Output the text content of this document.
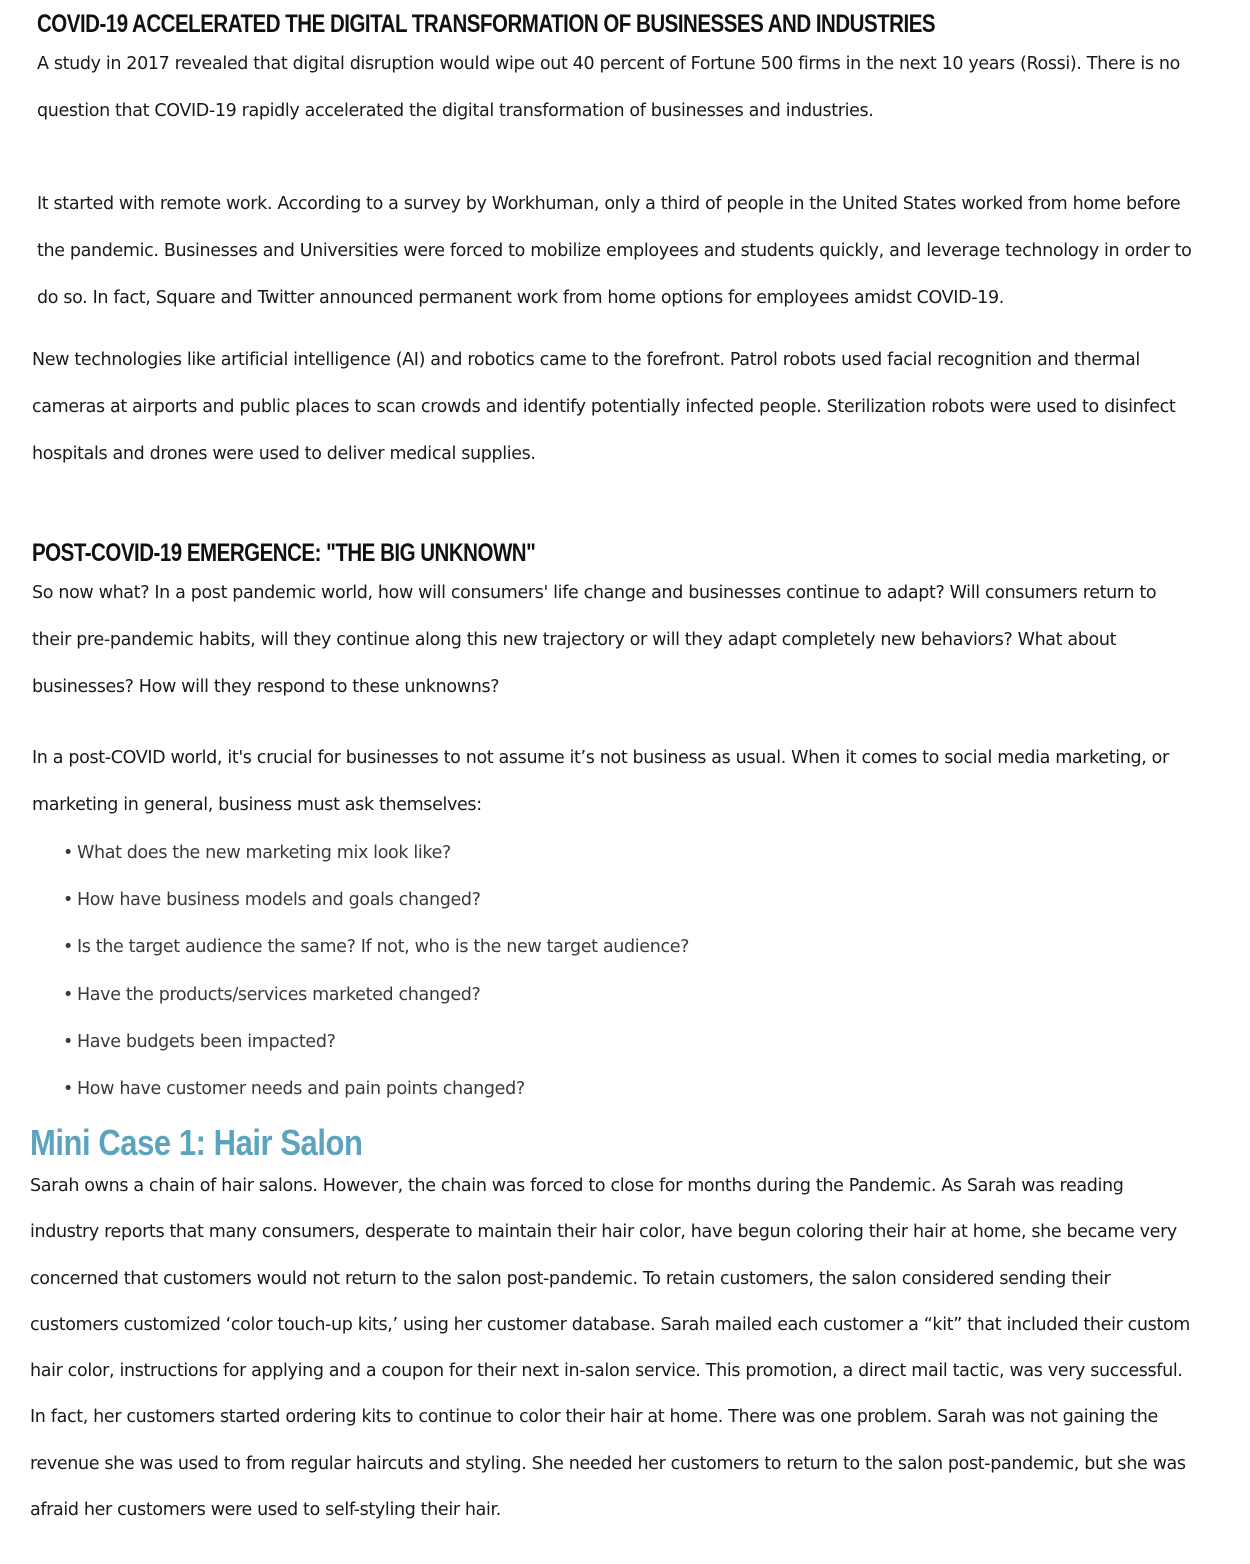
COVID-19 ACCELERATED THE DIGITAL TRANSFORMATION OF BUSINESSES AND INDUSTRIES

A study in 2017 revealed that digital disruption would wipe out 40 percent of Fortune 500 firms in the next 10 years (Rossi). There is no
question that COVID-19 rapidly accelerated the digital transformation of businesses and industries.

It started with remote work. According to a survey by Workhuman, only a third of people in the United States worked from home before
the pandemic. Businesses and Universities were forced to mobilize employees and students quickly, and leverage technology in order to
do so. In fact, Square and Twitter announced permanent work from home options for employees amidst COVID-19.

New technologies like artificial intelligence (AI) and robotics came to the forefront. Patrol robots used facial recognition and thermal
cameras at airports and public places to scan crowds and identify potentially infected people. Sterilization robots were used to disinfect
hospitals and drones were used to deliver medical supplies.

POST-COVID-19 EMERGENCE: "THE BIG UNKNOWN"

So now what? In a post pandemic world, how will consumers' life change and businesses continue to adapt? Will consumers return to
their pre-pandemic habits, will they continue along this new trajectory or will they adapt completely new behaviors? What about
businesses? How will they respond to these unknowns?

In a post-COVID world, it's crucial for businesses to not assume it’s not business as usual. When it comes to social media marketing, or
marketing in general, business must ask themselves:

• What does the new marketing mix look like?
• How have business models and goals changed?
• Is the target audience the same? If not, who is the new target audience?
• Have the products/services marketed changed?
• Have budgets been impacted?
• How have customer needs and pain points changed?
Mini Case 1: Hair Salon

Sarah owns a chain of hair salons. However, the chain was forced to close for months during the Pandemic. As Sarah was reading
industry reports that many consumers, desperate to maintain their hair color, have begun coloring their hair at home, she became very
concerned that customers would not return to the salon post-pandemic. To retain customers, the salon considered sending their
customers customized ‘color touch-up kits,’ using her customer database. Sarah mailed each customer a “kit” that included their custom
hair color, instructions for applying and a coupon for their next in-salon service. This promotion, a direct mail tactic, was very successful.
In fact, her customers started ordering kits to continue to color their hair at home. There was one problem. Sarah was not gaining the
revenue she was used to from regular haircuts and styling. She needed her customers to return to the salon post-pandemic, but she was
afraid her customers were used to self-styling their hair.
